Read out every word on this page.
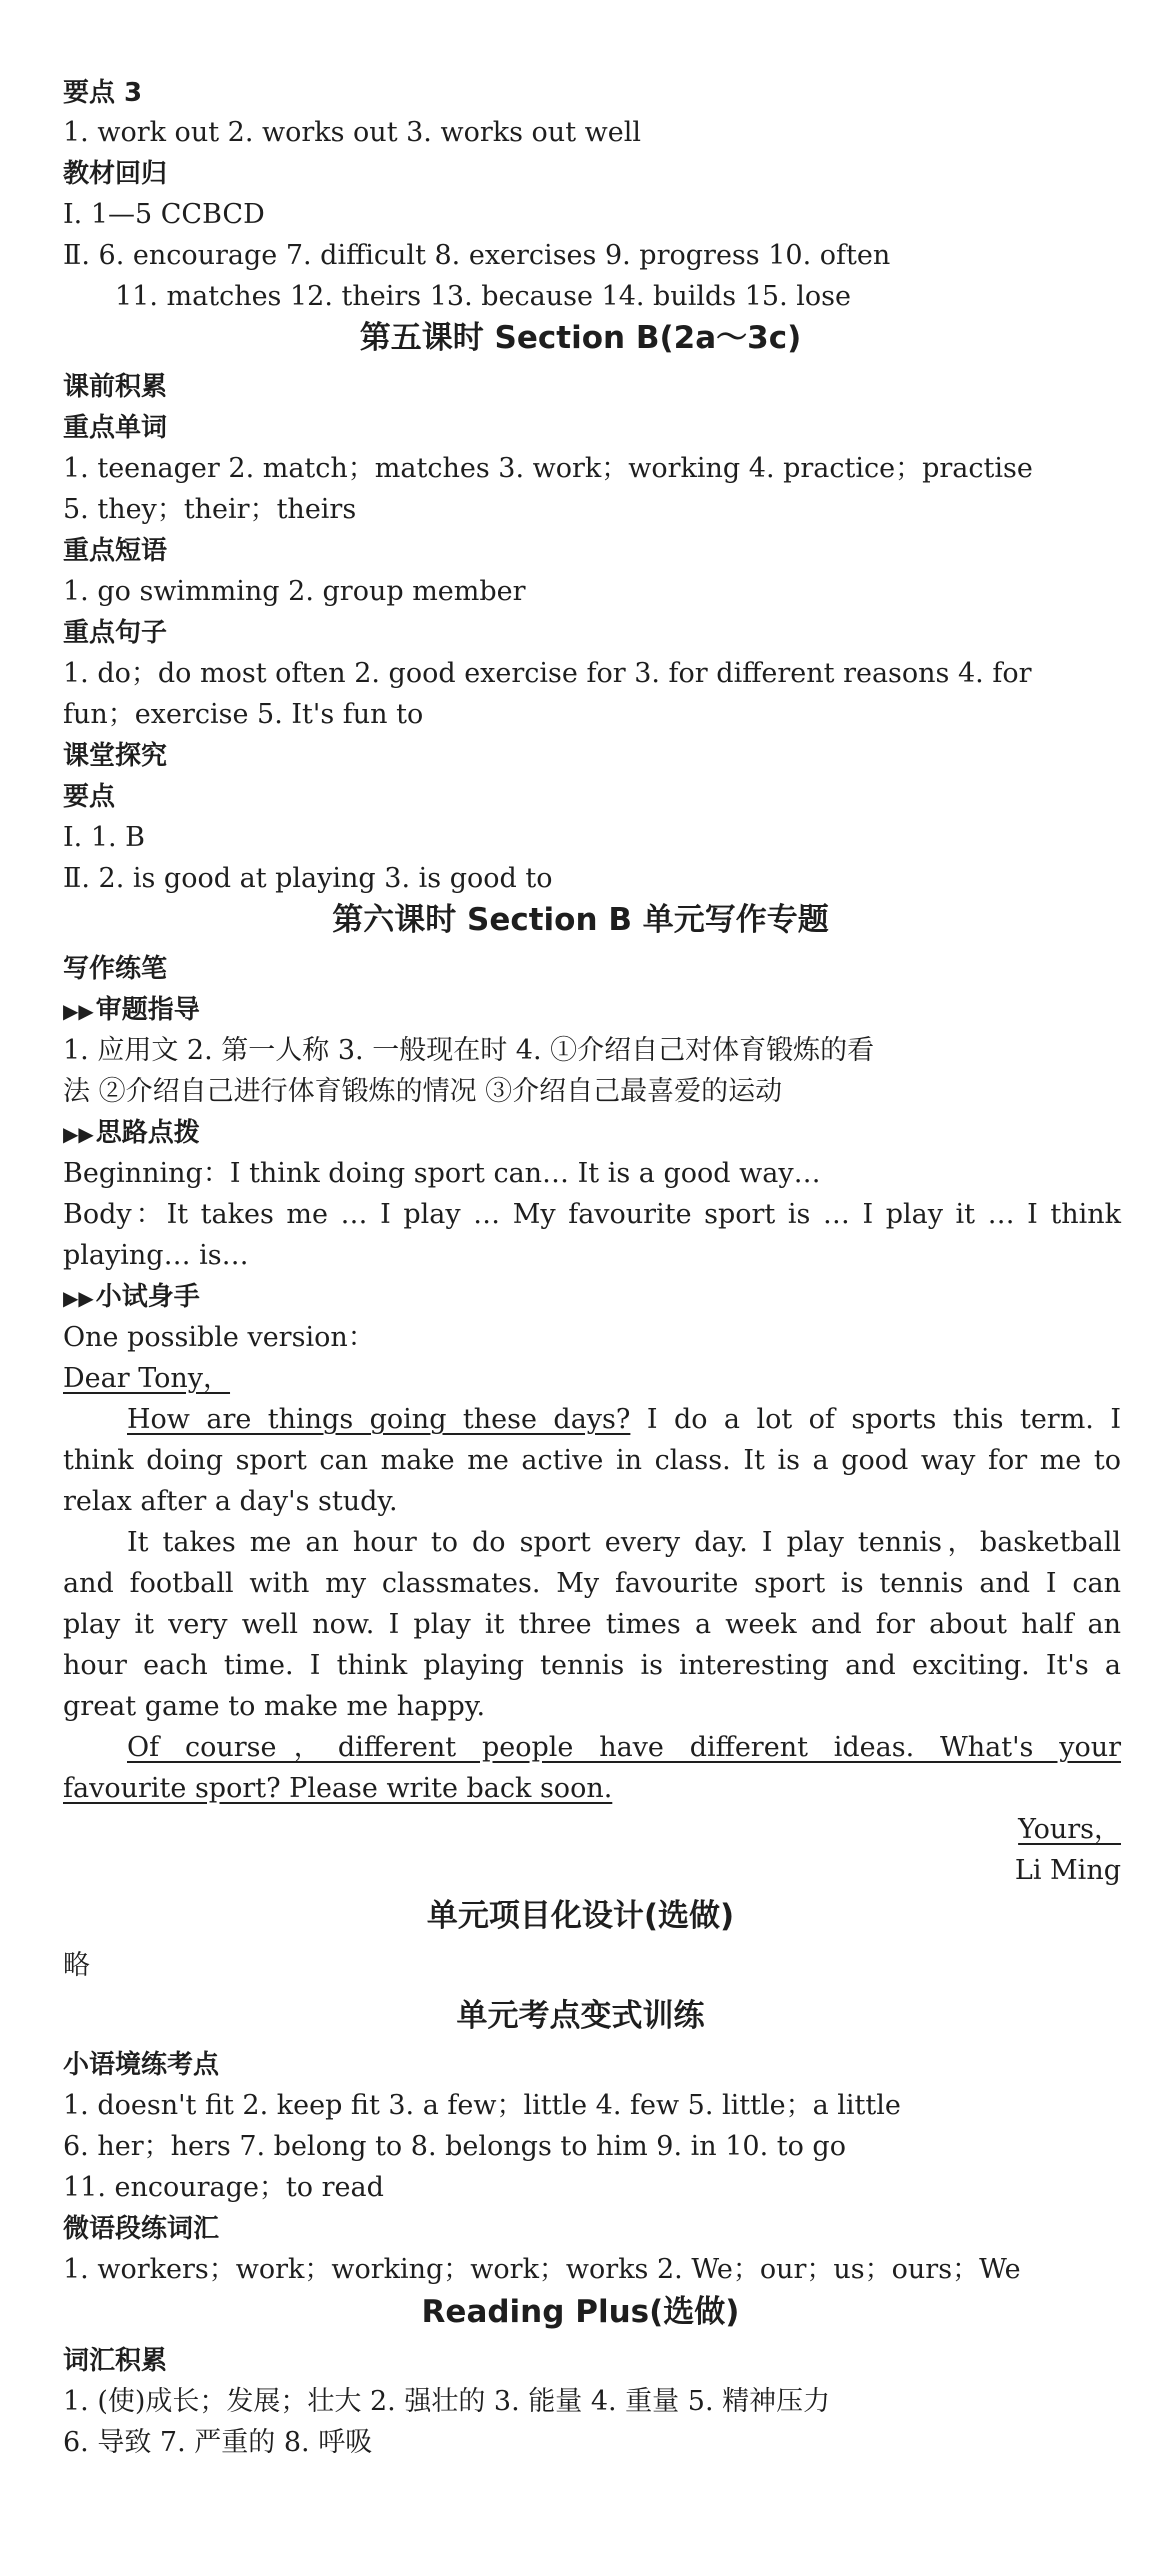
要点 3
1. work out 2. works out 3. works out well
教材回归
Ⅰ. 1—5 CCBCD
Ⅱ. 6. encourage 7. difficult 8. exercises 9. progress 10. often
11. matches 12. theirs 13. because 14. builds 15. lose
第五课时 Section B(2a～3c)
课前积累
重点单词
1. teenager 2. match；matches 3. work；working 4. practice；practise
5. they；their；theirs
重点短语
1. go swimming 2. group member
重点句子
1. do；do most often 2. good exercise for 3. for different reasons 4. for
fun；exercise 5. It's fun to
课堂探究
要点
Ⅰ. 1. B
Ⅱ. 2. is good at playing 3. is good to
第六课时 Section B 单元写作专题
写作练笔
▶▶审题指导
1. 应用文 2. 第一人称 3. 一般现在时 4. ①介绍自己对体育锻炼的看
法 ②介绍自己进行体育锻炼的情况 ③介绍自己最喜爱的运动
▶▶思路点拨
Beginning：I think doing sport can… It is a good way…
Body：It takes me … I play … My favourite sport is … I play it … I think
playing… is…
▶▶小试身手
One possible version：
Dear Tony，
How are things going these days? I do a lot of sports this term. I
think doing sport can make me active in class. It is a good way for me to
relax after a day's study.
It takes me an hour to do sport every day. I play tennis，basketball
and football with my classmates. My favourite sport is tennis and I can
play it very well now. I play it three times a week and for about half an
hour each time. I think playing tennis is interesting and exciting. It's a
great game to make me happy.
Of course，different people have different ideas. What's your
favourite sport? Please write back soon.
Yours，
Li Ming
单元项目化设计(选做)
略
单元考点变式训练
小语境练考点
1. doesn't fit 2. keep fit 3. a few；little 4. few 5. little；a little
6. her；hers 7. belong to 8. belongs to him 9. in 10. to go
11. encourage；to read
微语段练词汇
1. workers；work；working；work；works 2. We；our；us；ours；We
Reading Plus(选做)
词汇积累
1. (使)成长；发展；壮大 2. 强壮的 3. 能量 4. 重量 5. 精神压力
6. 导致 7. 严重的 8. 呼吸
